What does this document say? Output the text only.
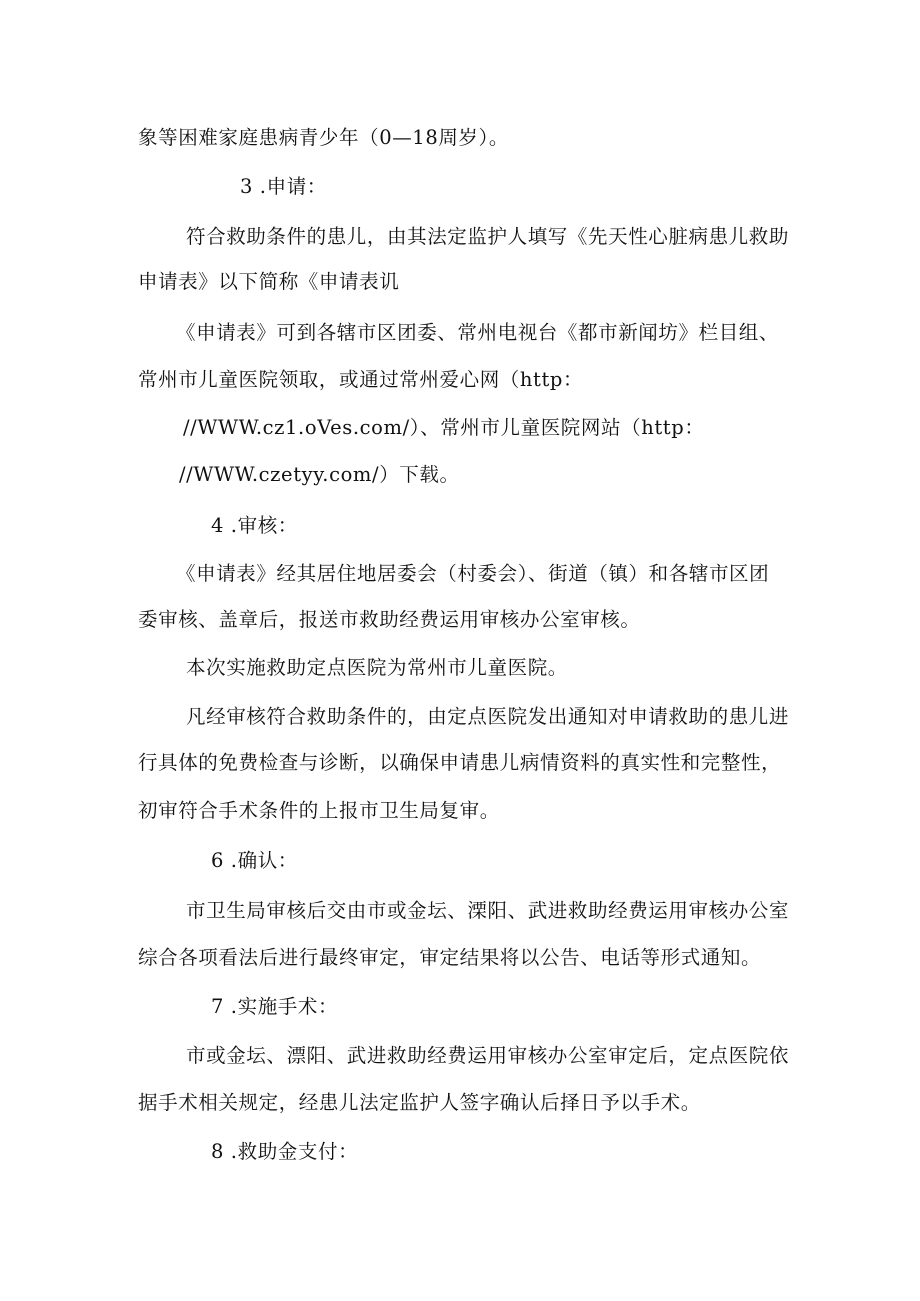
象等困难家庭患病青少年（0—18周岁）。
3 .申请：
符合救助条件的患儿，由其法定监护人填写《先天性心脏病患儿救助
申请表》以下简称《申请表讥
《申请表》可到各辖市区团委、常州电视台《都市新闻坊》栏目组、
常州市儿童医院领取，或通过常州爱心网（http：
//WWW.cz1.oVes.com/）、常州市儿童医院网站（http：
//WWW.czetyy.com/）下载。
4 .审核：
《申请表》经其居住地居委会（村委会）、街道（镇）和各辖市区团
委审核、盖章后，报送市救助经费运用审核办公室审核。
本次实施救助定点医院为常州市儿童医院。
凡经审核符合救助条件的，由定点医院发出通知对申请救助的患儿进
行具体的免费检查与诊断，以确保申请患儿病情资料的真实性和完整性，
初审符合手术条件的上报市卫生局复审。
6 .确认：
市卫生局审核后交由市或金坛、溧阳、武进救助经费运用审核办公室
综合各项看法后进行最终审定，审定结果将以公告、电话等形式通知。
7 .实施手术：
市或金坛、漂阳、武进救助经费运用审核办公室审定后，定点医院依
据手术相关规定，经患儿法定监护人签字确认后择日予以手术。
8 .救助金支付：
